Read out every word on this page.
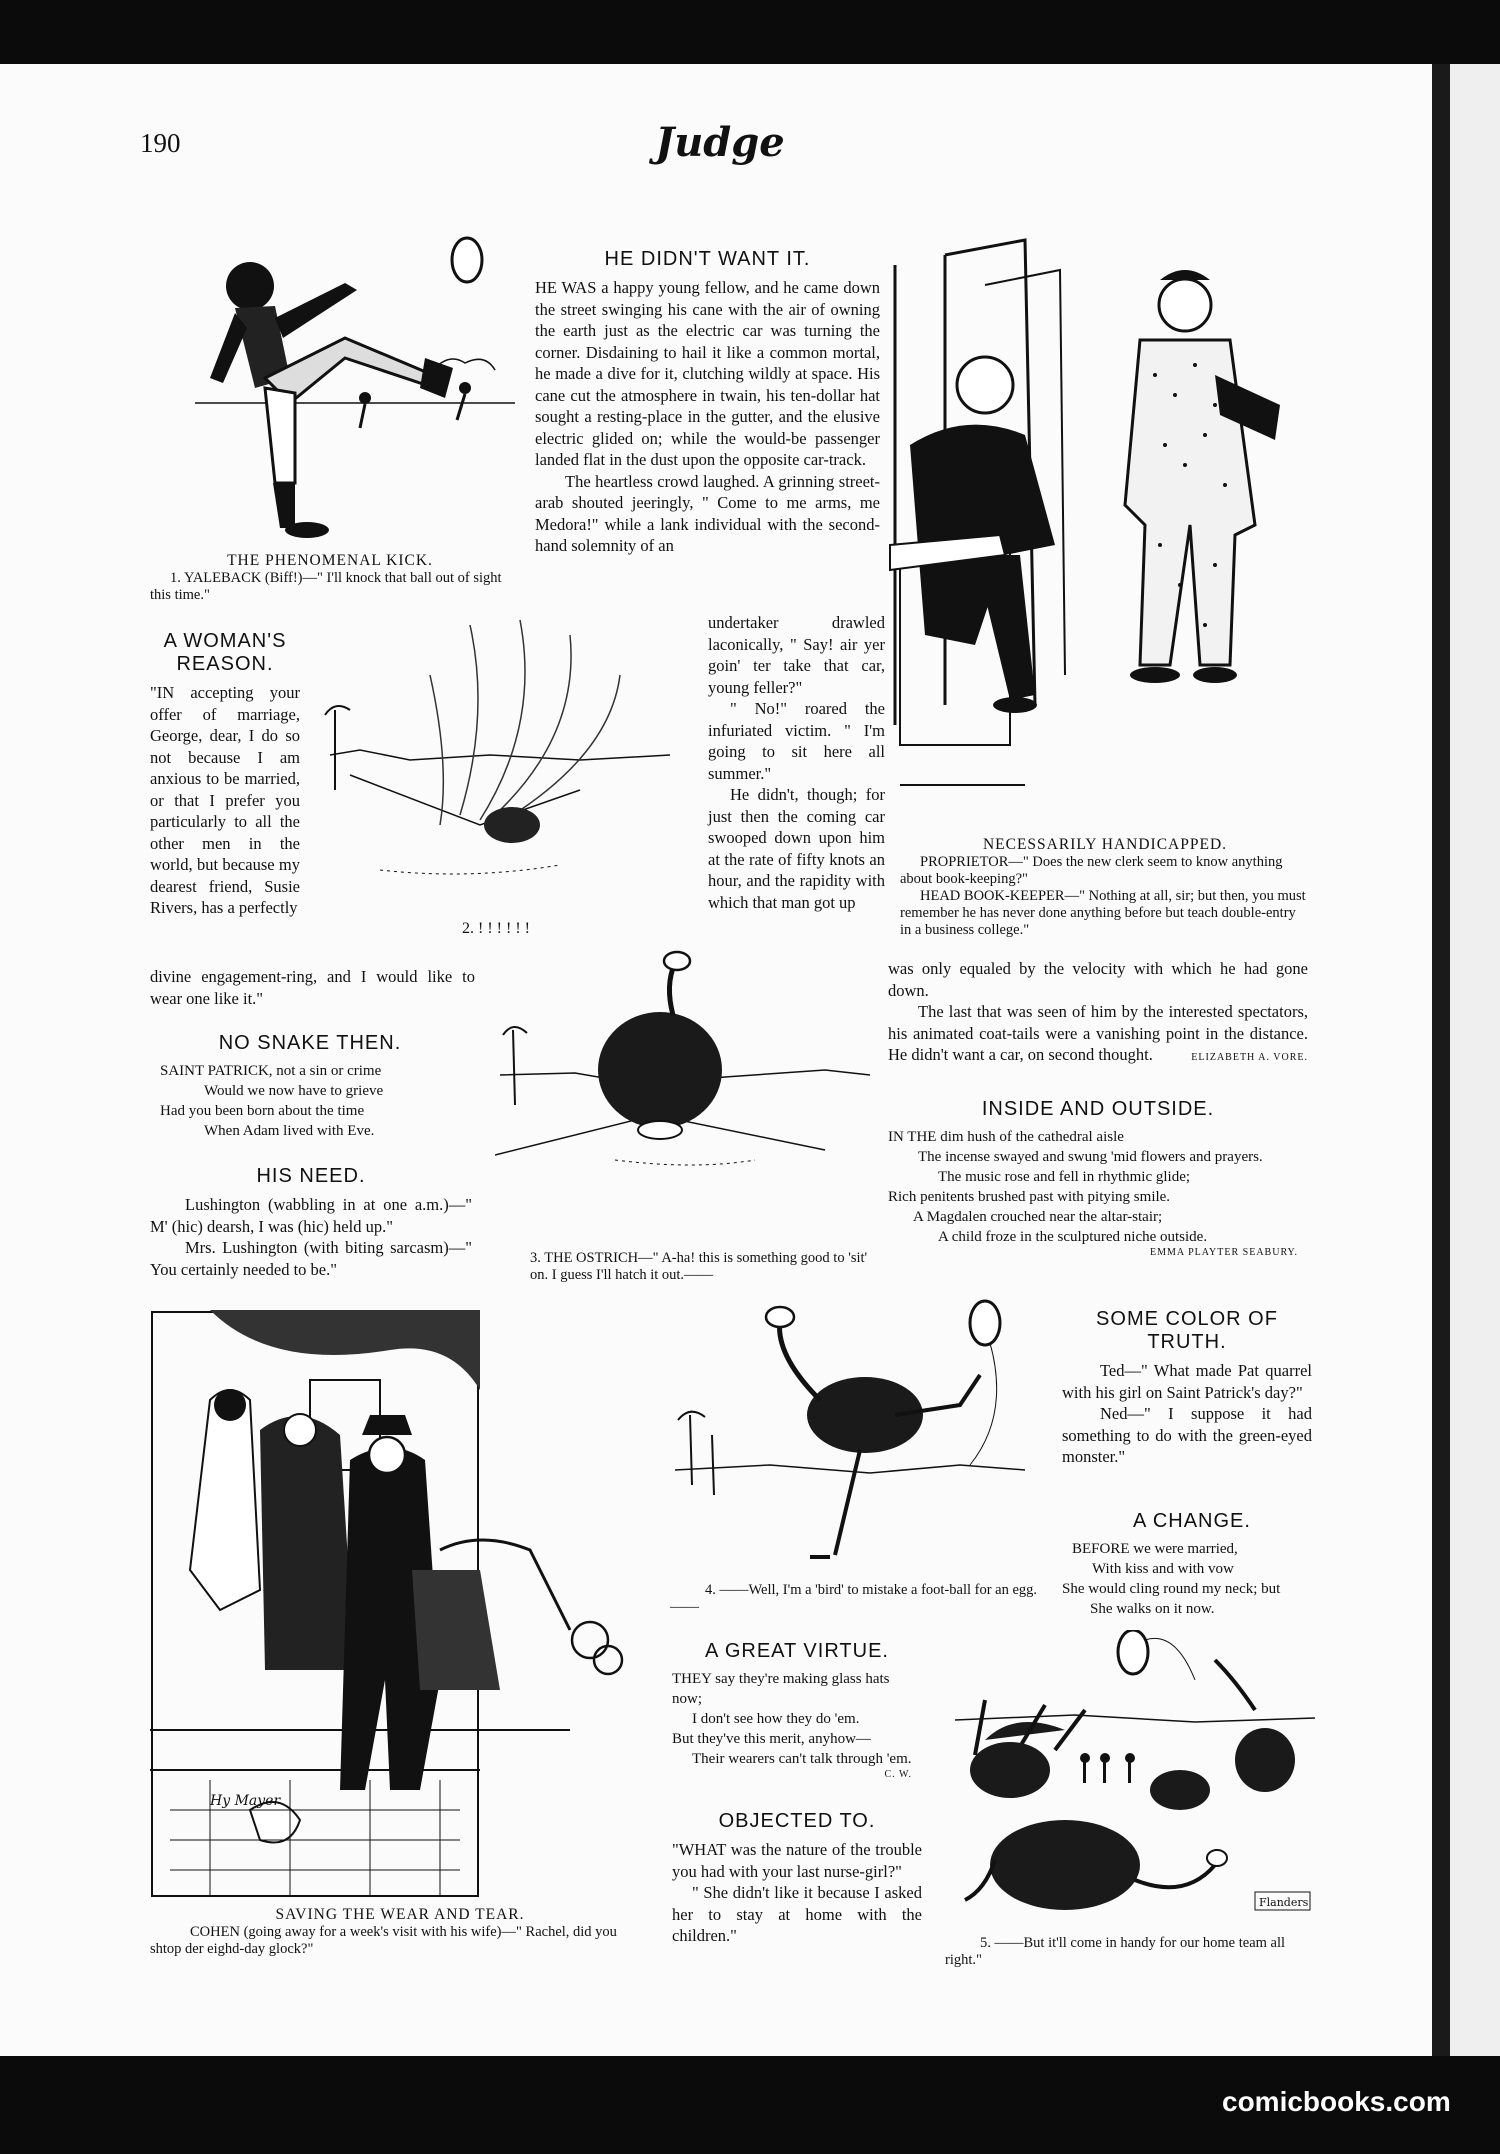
190	Judge

THE PHENOMENAL KICK.

1. YALEBACK (Biff!)—" I'll knock that ball out of sight this time."

HE DIDN'T WANT IT.

HE WAS a happy young fellow, and he came down the street swinging his cane with the air of owning the earth just as the electric car was turning the corner. Disdaining to hail it like a common mortal, he made a dive for it, clutching wildly at space. His cane cut the atmosphere in twain, his ten-dollar hat sought a resting-place in the gutter, and the elusive electric glided on; while the would-be passenger landed flat in the dust upon the opposite car-track.

The heartless crowd laughed. A grinning street-arab shouted jeeringly, " Come to me arms, me Medora!" while a lank individual with the second-hand solemnity of an

undertaker drawled laconically, " Say! air yer goin' ter take that car, young feller?"

" No!" roared the infuriated victim. " I'm going to sit here all summer."

He didn't, though; for just then the coming car swooped down upon him at the rate of fifty knots an hour, and the rapidity with which that man got up

was only equaled by the velocity with which he had gone down.

The last that was seen of him by the interested spectators, his animated coat-tails were a vanishing point in the distance. He didn't want a car, on second thought.	ELIZABETH A. VORE.

NECESSARILY HANDICAPPED.

PROPRIETOR—" Does the new clerk seem to know anything about book-keeping?"

HEAD BOOK-KEEPER—" Nothing at all, sir; but then, you must remember he has never done anything before but teach double-entry in a business college."

A WOMAN'S
REASON.

"IN accepting your offer of marriage, George, dear, I do so not because I am anxious to be married, or that I prefer you particularly to all the other men in the world, but because my dearest friend, Susie Rivers, has a perfectly

divine engagement-ring, and I would like to wear one like it."

2. ! ! ! ! ! !
NO SNAKE THEN.

SAINT PATRICK, not a sin or crime

Would we now have to grieve

Had you been born about the time

When Adam lived with Eve.

HIS NEED.

Lushington (wabbling in at one a.m.)—" M' (hic) dearsh, I was (hic) held up."

Mrs. Lushington (with biting sarcasm)—" You certainly needed to be."

3. THE OSTRICH—" A-ha! this is something good to 'sit' on. I guess I'll hatch it out.——

INSIDE AND OUTSIDE.

IN THE dim hush of the cathedral aisle

The incense swayed and swung 'mid flowers and prayers.

The music rose and fell in rhythmic glide;

Rich penitents brushed past with pitying smile.

A Magdalen crouched near the altar-stair;

A child froze in the sculptured niche outside.

EMMA PLAYTER SEABURY.

Hy Mayer

SAVING THE WEAR AND TEAR.

COHEN (going away for a week's visit with his wife)—" Rachel, did you shtop der eighd-day glock?"

4. ——Well, I'm a 'bird' to mistake a foot-ball for an egg.——

SOME COLOR OF
TRUTH.

Ted—" What made Pat quarrel with his girl on Saint Patrick's day?"

Ned—" I suppose it had something to do with the green-eyed monster."

A CHANGE.

BEFORE we were married,

With kiss and with vow

She would cling round my neck; but

She walks on it now.

A GREAT VIRTUE.

THEY say they're making glass hats now;

I don't see how they do 'em.

But they've this merit, anyhow—

Their wearers can't talk through 'em.

C. W.

OBJECTED TO.

"WHAT was the nature of the trouble you had with your last nurse-girl?"

" She didn't like it because I asked her to stay at home with the children."

Flanders

5. ——But it'll come in handy for our home team all right."

comicbooks.com
